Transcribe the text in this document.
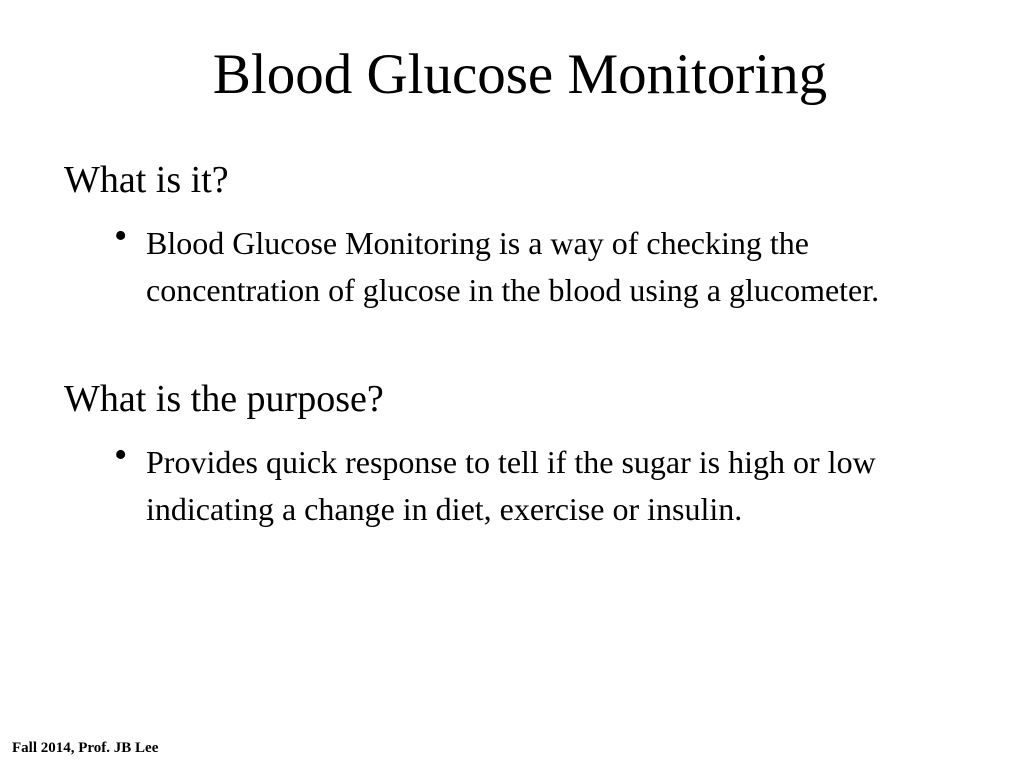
Blood Glucose Monitoring

What is it?

• Blood Glucose Monitoring is a way of checking the concentration of glucose in the blood using a glucometer.

What is the purpose?

• Provides quick response to tell if the sugar is high or low indicating a change in diet, exercise or insulin.
Fall 2014, Prof. JB Lee
